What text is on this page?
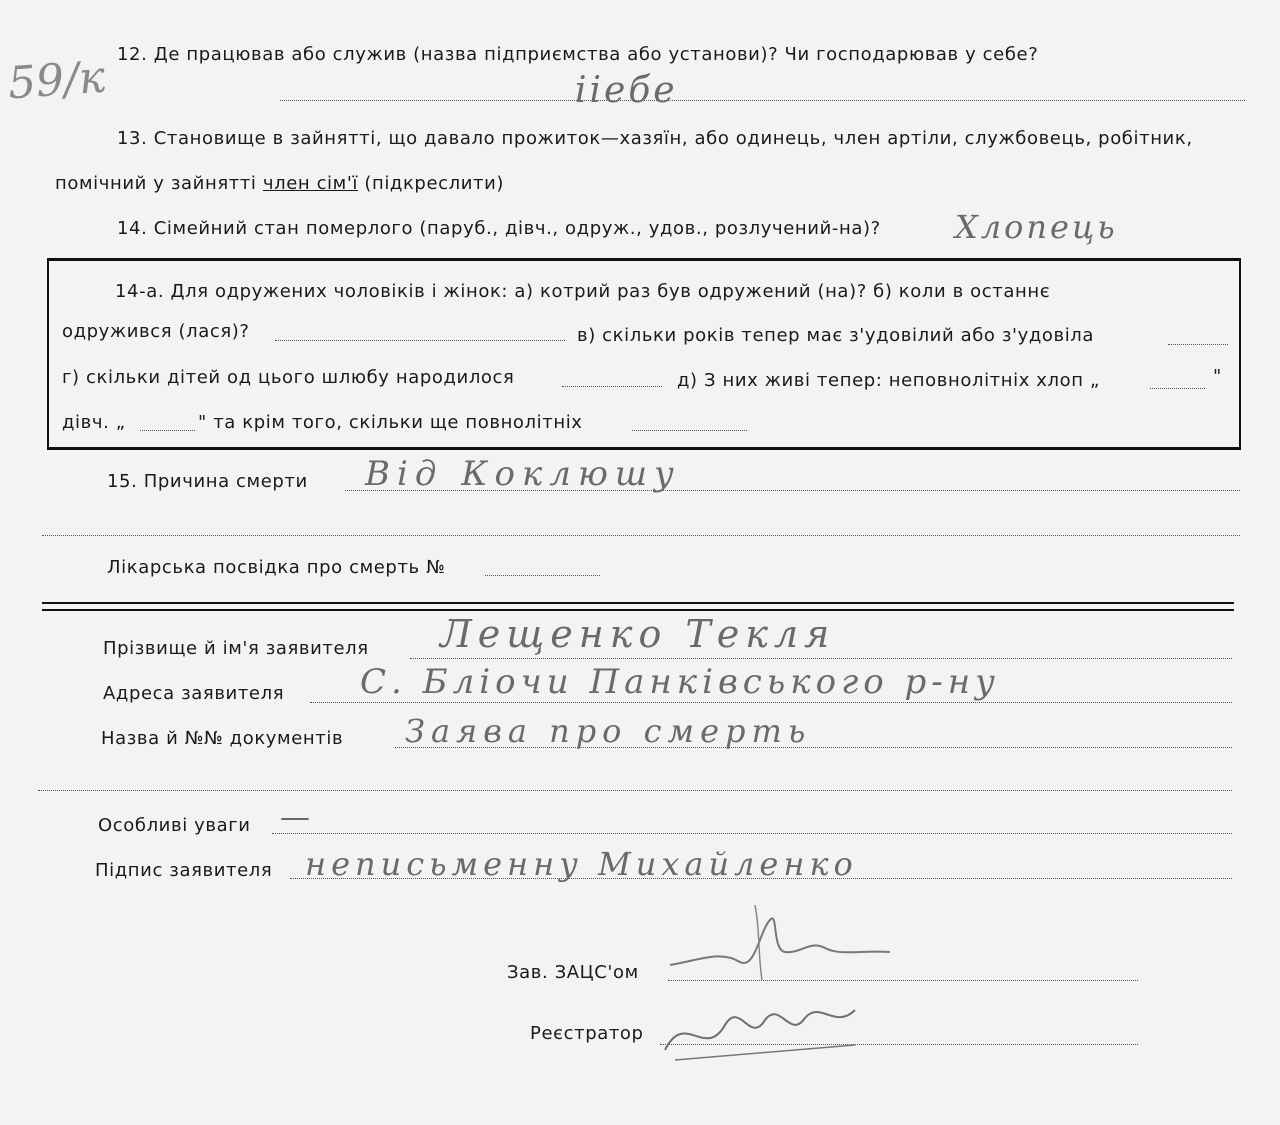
59/к 12. Де працював або служив (назва підприємства або установи)? Чи господарював у себе?
ііебе
13. Становище в зайнятті, що давало прожиток—хазяїн, або одинець, член артіли, службовець, робітник,
помічний у зайнятті член сім'ї (підкреслити)
14. Сімейний стан померлого (паруб., дівч., одруж., удов., розлучений-на)? Хлопець
14-а. Для одружених чоловіків і жінок: а) котрий раз був одружений (на)? б) коли в останнє
одружився (лася)?	в) скільки років тепер має з'удовілий або з'удовіла
г) скільки дітей од цього шлюбу народилося	д) З них живі тепер: неповнолітніх хлоп „	"
дівч. „	" та крім того, скільки ще повнолітніх
15. Причина смерти Від Коклюшу
Лікарська посвідка про смерть №
Прізвище й ім'я заявителя Лещенко Текля
Адреса заявителя С. Бліочи Панківського р-ну
Назва й №№ документів Заява про смерть
Особливі уваги —
Підпис заявителя неписьменну Михайленко
Зав. ЗАЦС'ом
Реєстратор
